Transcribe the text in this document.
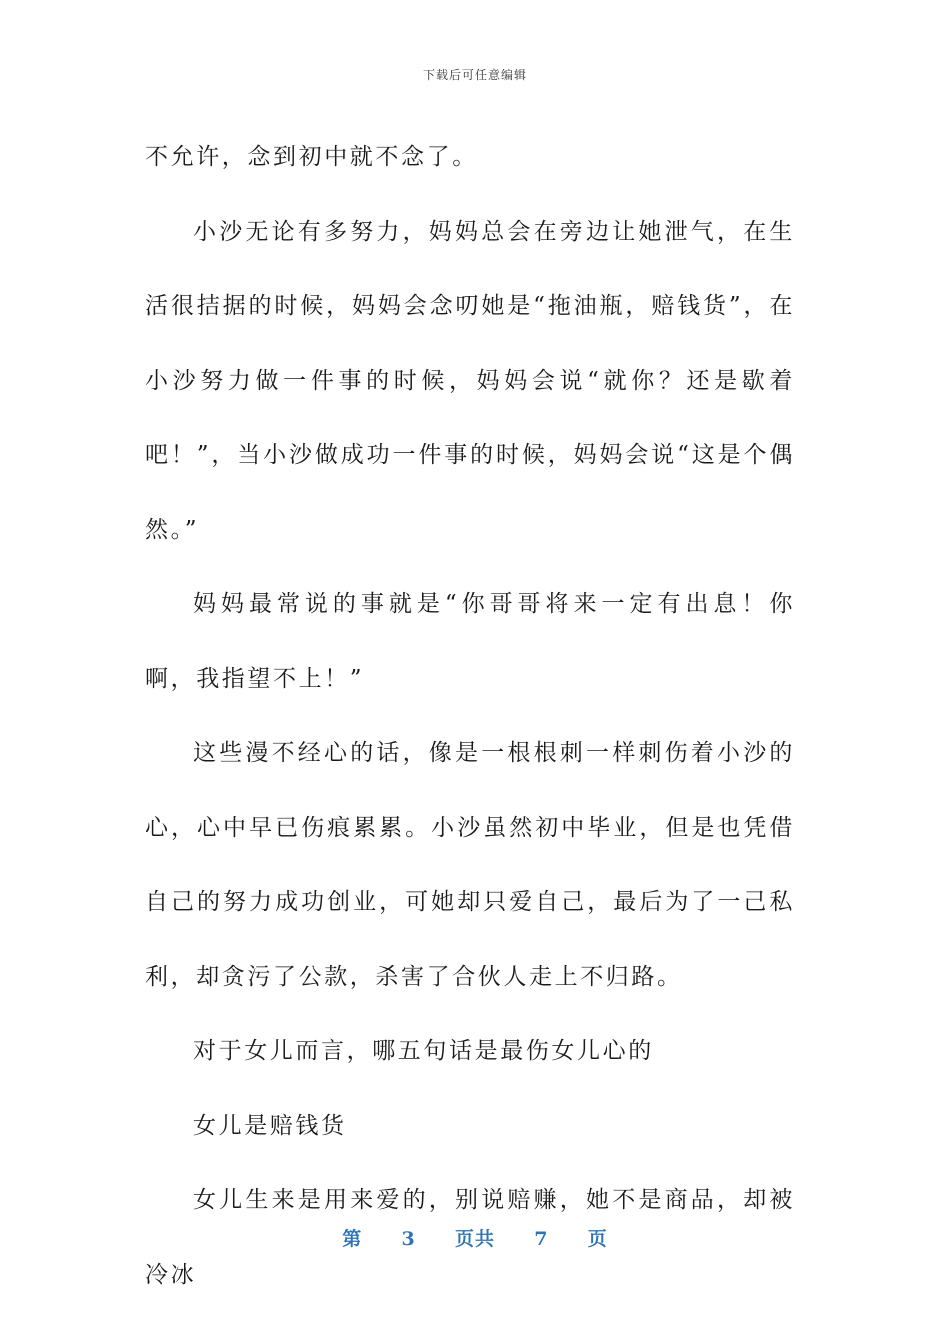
下载后可任意编辑

不允许，念到初中就不念了。

小沙无论有多努力，妈妈总会在旁边让她泄气，在生活很拮据的时候，妈妈会念叨她是“拖油瓶，赔钱货”，在小沙努力做一件事的时候，妈妈会说“就你？还是歇着吧！”，当小沙做成功一件事的时候，妈妈会说“这是个偶然。”

妈妈最常说的事就是“你哥哥将来一定有出息！你啊，我指望不上！”

这些漫不经心的话，像是一根根刺一样刺伤着小沙的心，心中早已伤痕累累。小沙虽然初中毕业，但是也凭借自己的努力成功创业，可她却只爱自己，最后为了一己私利，却贪污了公款，杀害了合伙人走上不归路。

对于女儿而言，哪五句话是最伤女儿心的

女儿是赔钱货

女儿生来是用来爱的，别说赔赚，她不是商品，却被冷冰

第 3 页共 7 页
